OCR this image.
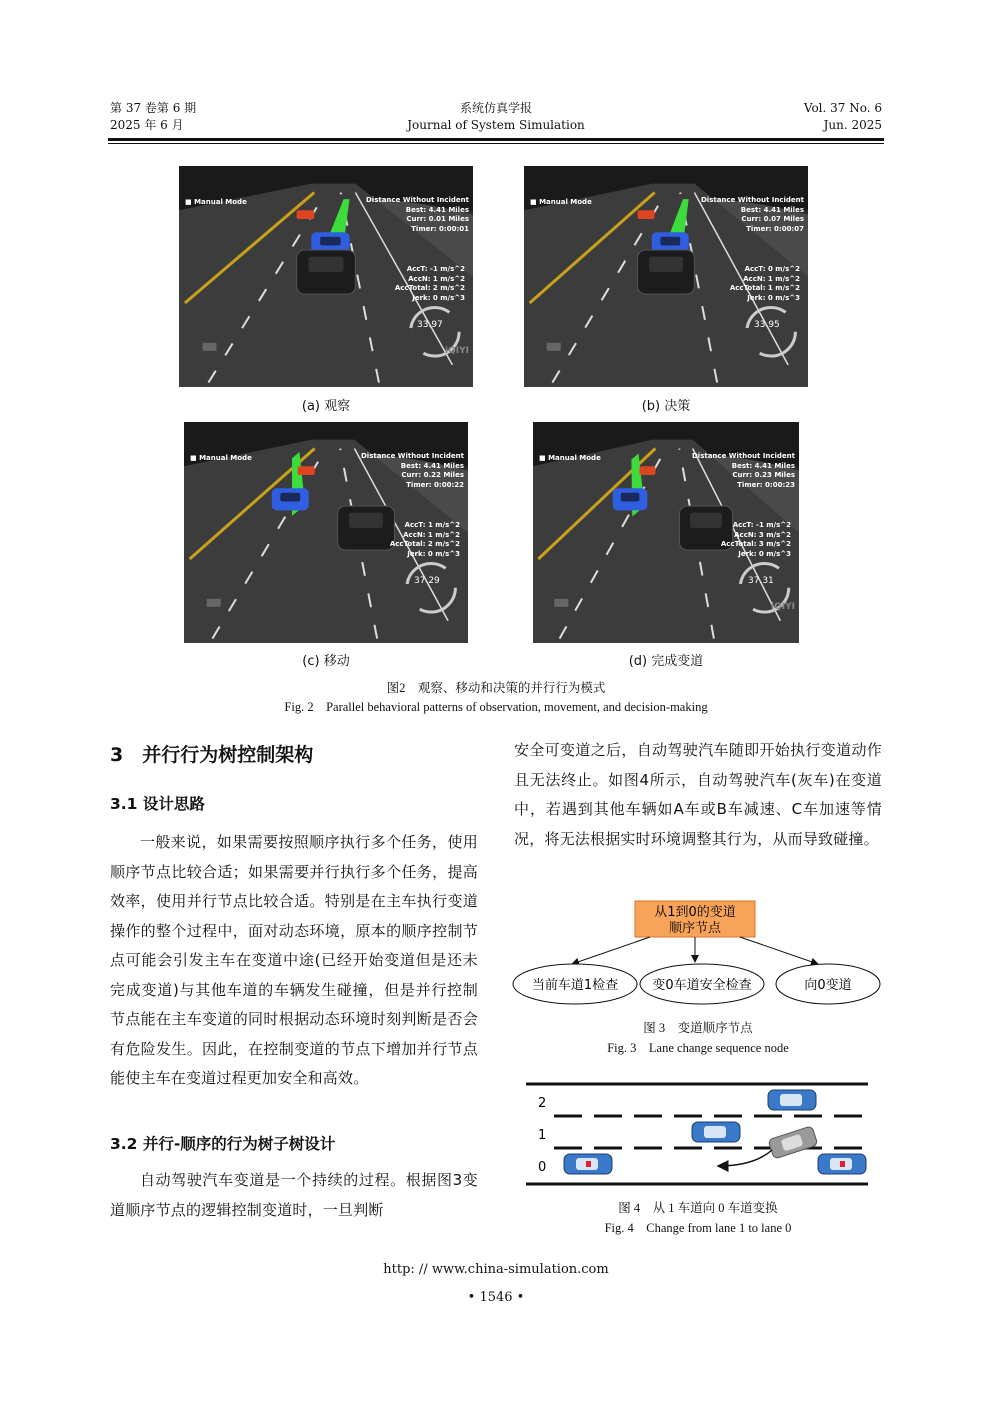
第 37 卷第 6 期
2025 年 6 月
系统仿真学报
Journal of System Simulation
Vol. 37 No. 6
Jun. 2025
■ Manual Mode	Distance Without Incident
Best: 4.41 Miles
Curr: 0.01 Miles
Timer: 0:00:01
AccT: -1 m/s^2
AccN: 1 m/s^2
AccTotal: 2 m/s^2
Jerk: 0 m/s^3
33.97
iQIYI
(a) 观察
■ Manual Mode	Distance Without Incident
Best: 4.41 Miles
Curr: 0.07 Miles
Timer: 0:00:07
AccT: 0 m/s^2
AccN: 1 m/s^2
AccTotal: 1 m/s^2
Jerk: 0 m/s^3
33.95
(b) 决策
■ Manual Mode	Distance Without Incident
Best: 4.41 Miles
Curr: 0.22 Miles
Timer: 0:00:22
AccT: 1 m/s^2
AccN: 1 m/s^2
AccTotal: 2 m/s^2
Jerk: 0 m/s^3
37.29
(c) 移动
■ Manual Mode	Distance Without Incident
Best: 4.41 Miles
Curr: 0.23 Miles
Timer: 0:00:23
AccT: -1 m/s^2
AccN: 3 m/s^2
AccTotal: 3 m/s^2
Jerk: 0 m/s^3
37.31
iQIYI
(d) 完成变道
图2　观察、移动和决策的并行行为模式
Fig. 2　Parallel behavioral patterns of observation, movement, and decision-making
3　并行行为树控制架构
3.1 设计思路
一般来说，如果需要按照顺序执行多个任务，使用顺序节点比较合适；如果需要并行执行多个任务，提高效率，使用并行节点比较合适。特别是在主车执行变道操作的整个过程中，面对动态环境，原本的顺序控制节点可能会引发主车在变道中途(已经开始变道但是还未完成变道)与其他车道的车辆发生碰撞，但是并行控制节点能在主车变道的同时根据动态环境时刻判断是否会有危险发生。因此，在控制变道的节点下增加并行节点能使主车在变道过程更加安全和高效。
3.2 并行-顺序的行为树子树设计
自动驾驶汽车变道是一个持续的过程。根据图3变道顺序节点的逻辑控制变道时，一旦判断
安全可变道之后，自动驾驶汽车随即开始执行变道动作且无法终止。如图4所示，自动驾驶汽车(灰车)在变道中，若遇到其他车辆如A车或B车减速、C车加速等情况，将无法根据实时环境调整其行为，从而导致碰撞。
从1到0的变道
顺序节点
当前车道1检查	变0车道安全检查	向0变道
图 3　变道顺序节点
Fig. 3　Lane change sequence node
2
1
0
图 4　从 1 车道向 0 车道变换
Fig. 4　Change from lane 1 to lane 0
http: // www.china-simulation.com
• 1546 •
